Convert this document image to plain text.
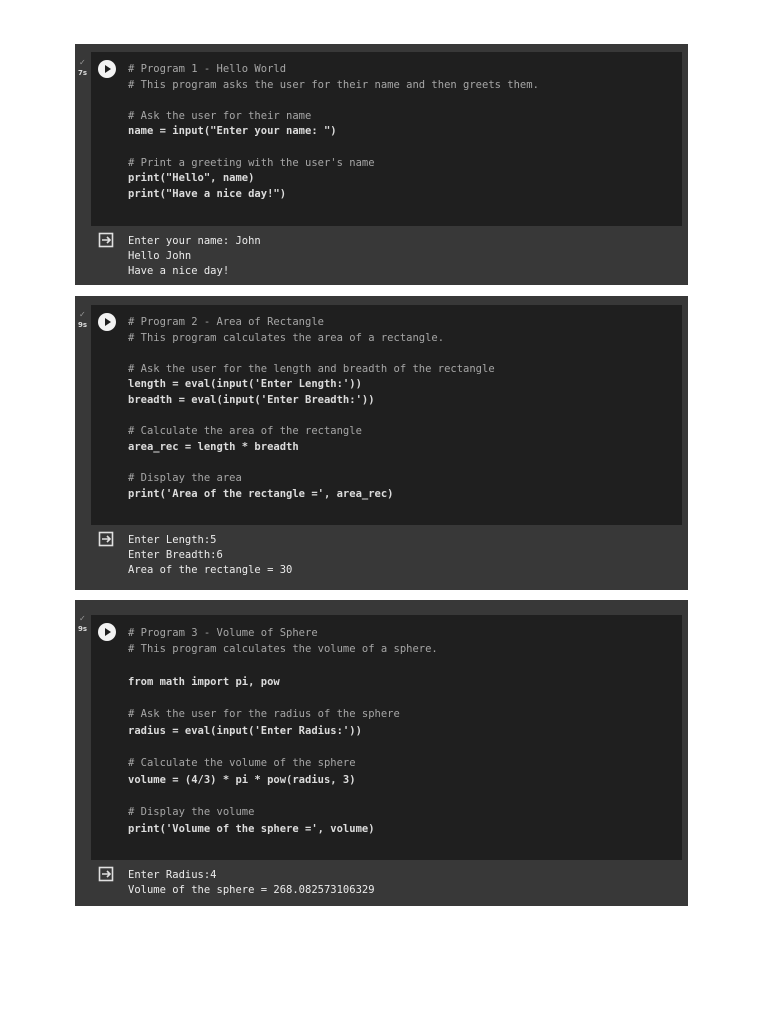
✓
7s	# Program 1 - Hello World
# This program asks the user for their name and then greets them.
# Ask the user for their name
name = input("Enter your name: ")
# Print a greeting with the user's name
print("Hello", name)
print("Have a nice day!")
Enter your name: John
Hello John
Have a nice day!
✓
9s	# Program 2 - Area of Rectangle
# This program calculates the area of a rectangle.
# Ask the user for the length and breadth of the rectangle
length = eval(input('Enter Length:'))
breadth = eval(input('Enter Breadth:'))
# Calculate the area of the rectangle
area_rec = length * breadth
# Display the area
print('Area of the rectangle =', area_rec)
Enter Length:5
Enter Breadth:6
Area of the rectangle = 30
✓
9s	# Program 3 - Volume of Sphere
# This program calculates the volume of a sphere.
from math import pi, pow
# Ask the user for the radius of the sphere
radius = eval(input('Enter Radius:'))
# Calculate the volume of the sphere
volume = (4/3) * pi * pow(radius, 3)
# Display the volume
print('Volume of the sphere =', volume)
Enter Radius:4
Volume of the sphere = 268.082573106329
